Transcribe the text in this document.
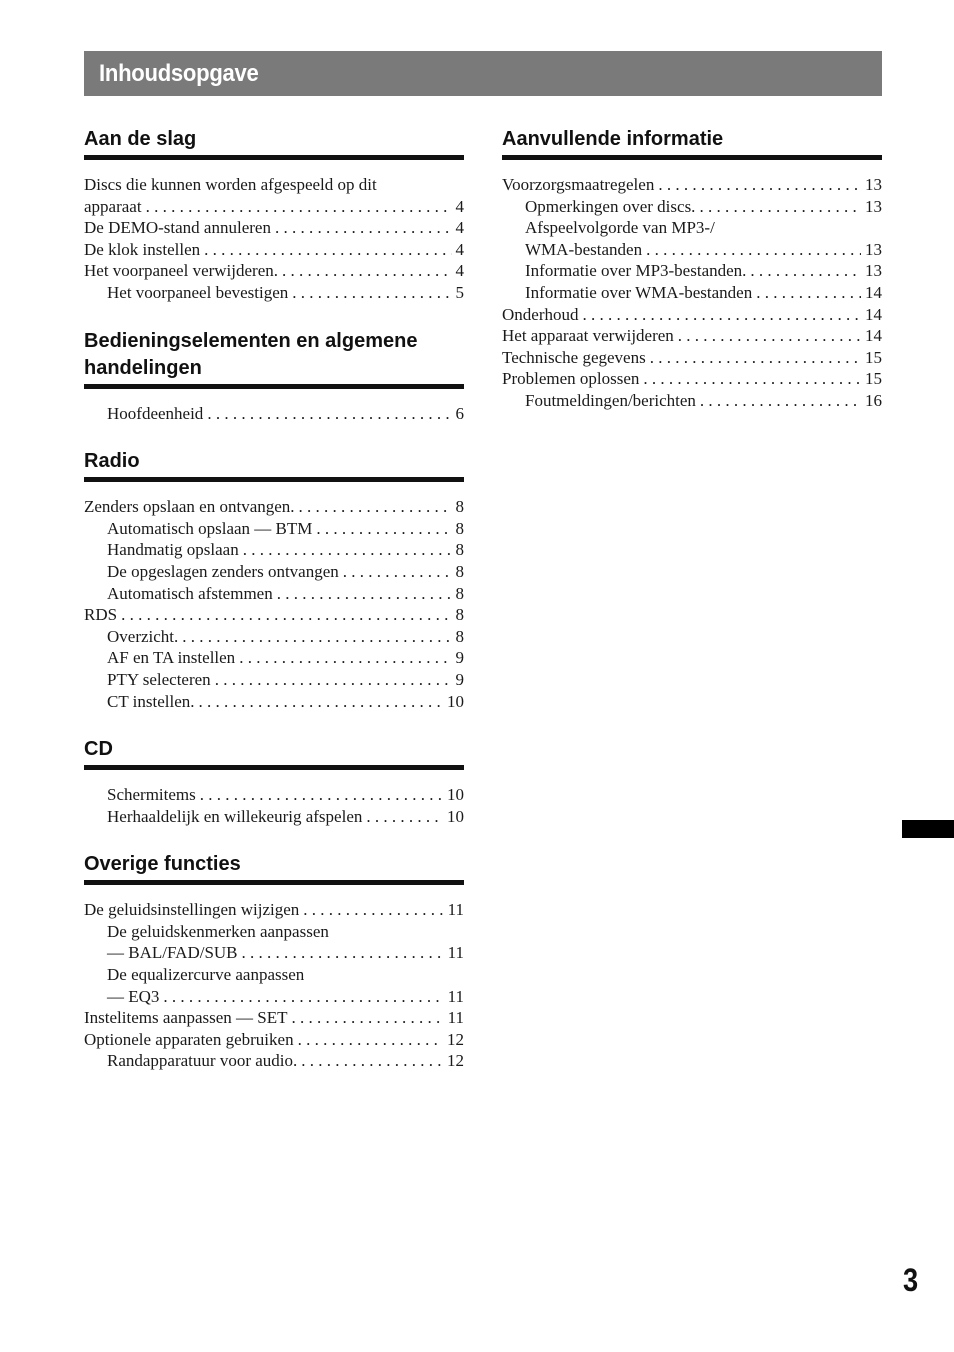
Inhoudsopgave
Aan de slag
Discs die kunnen worden afgespeeld op dit
apparaat . . .	4
De DEMO-stand annuleren . . .	4
De klok instellen . . .	4
Het voorpaneel verwijderen. . . .	4
Het voorpaneel bevestigen . . .	5
Bedieningselementen en algemene handelingen
Hoofdeenheid . . .	6
Radio
Zenders opslaan en ontvangen. . . .	8
Automatisch opslaan — BTM . . .	8
Handmatig opslaan . . .	8
De opgeslagen zenders ontvangen . . .	8
Automatisch afstemmen . . .	8
RDS . . .	8
Overzicht. . . .	8
AF en TA instellen . . .	9
PTY selecteren . . .	9
CT instellen. . . .	10
CD
Schermitems . . .	10
Herhaaldelijk en willekeurig afspelen . . .	10
Overige functies
De geluidsinstellingen wijzigen . . .	11
De geluidskenmerken aanpassen
— BAL/FAD/SUB . . .	11
De equalizercurve aanpassen
— EQ3 . . .	11
Instelitems aanpassen — SET . . .	11
Optionele apparaten gebruiken . . .	12
Randapparatuur voor audio. . . .	12
Aanvullende informatie
Voorzorgsmaatregelen . . .	13
Opmerkingen over discs. . . .	13
Afspeelvolgorde van MP3-/
WMA-bestanden . . .	13
Informatie over MP3-bestanden. . . .	13
Informatie over WMA-bestanden . . .	14
Onderhoud . . .	14
Het apparaat verwijderen . . .	14
Technische gegevens . . .	15
Problemen oplossen . . .	15
Foutmeldingen/berichten . . .	16
3
